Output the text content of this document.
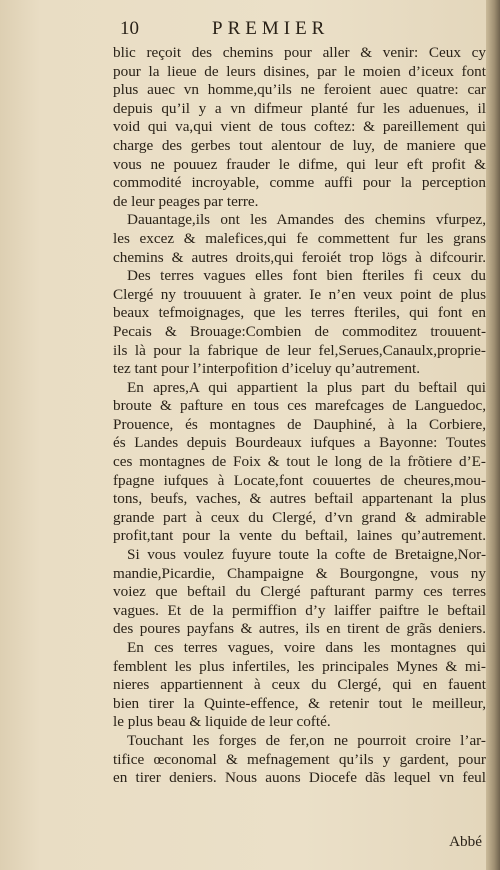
10	PREMIER
blic reçoit des chemins pour aller & venir: Ceux cy
pour la lieue de leurs disines, par le moien d’iceux font
plus auec vn homme,qu’ils ne feroient auec quatre: car
depuis qu’il y a vn difmeur planté fur les aduenues, il
void qui va,qui vient de tous coftez: & pareillement qui
charge des gerbes tout alentour de luy, de maniere que
vous ne pouuez frauder le difme, qui leur eft profit &
commodité incroyable, comme auffi pour la perception
de leur peages par terre.
Dauantage,ils ont les Amandes des chemins vfurpez,
les excez & malefices,qui fe commettent fur les grans
chemins & autres droits,qui feroiét trop lögs à difcourir.
Des terres vagues elles font bien fteriles fi ceux du
Clergé ny trouuuent à grater. Ie n’en veux point de plus
beaux tefmoignages, que les terres fteriles, qui font en
Pecais & Brouage:Combien de commoditez trouuent-
ils là pour la fabrique de leur fel,Serues,Canaulx,proprie-
tez tant pour l’interpofition d’iceluy qu’autrement.
En apres,A qui appartient la plus part du beftail qui
broute & pafture en tous ces marefcages de Languedoc,
Prouence, és montagnes de Dauphiné, à la Corbiere,
és Landes depuis Bourdeaux iufques a Bayonne: Toutes
ces montagnes de Foix & tout le long de la frõtiere d’E-
fpagne iufques à Locate,font couuertes de cheures,mou-
tons, beufs, vaches, & autres beftail appartenant la plus
grande part à ceux du Clergé, d’vn grand & admirable
profit,tant pour la vente du beftail, laines qu’autrement.
Si vous voulez fuyure toute la cofte de Bretaigne,Nor-
mandie,Picardie, Champaigne & Bourgongne, vous ny
voiez que beftail du Clergé pafturant parmy ces terres
vagues. Et de la permiffion d’y laiffer paiftre le beftail
des poures payfans & autres, ils en tirent de grãs deniers.
En ces terres vagues, voire dans les montagnes qui
femblent les plus infertiles, les principales Mynes & mi-
nieres appartiennent à ceux du Clergé, qui en fauent
bien tirer la Quinte-effence, & retenir tout le meilleur,
le plus beau & liquide de leur cofté.
Touchant les forges de fer,on ne pourroit croire l’ar-
tifice œconomal & mefnagement qu’ils y gardent, pour
en tirer deniers. Nous auons Diocefe dãs lequel vn feul
Abbé
